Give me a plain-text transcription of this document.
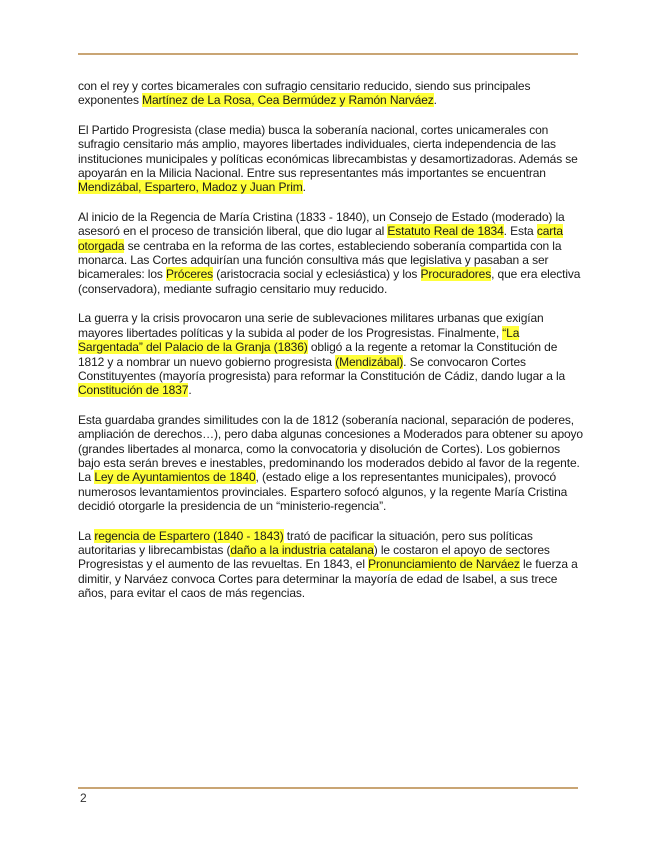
con el rey y cortes bicamerales con sufragio censitario reducido, siendo sus principales exponentes Martínez de La Rosa, Cea Bermúdez y Ramón Narváez.

El Partido Progresista (clase media) busca la soberanía nacional, cortes unicamerales con sufragio censitario más amplio, mayores libertades individuales, cierta independencia de las instituciones municipales y políticas económicas librecambistas y desamortizadoras. Además se apoyarán en la Milicia Nacional. Entre sus representantes más importantes se encuentran Mendizábal, Espartero, Madoz y Juan Prim.

Al inicio de la Regencia de María Cristina (1833 - 1840), un Consejo de Estado (moderado) la asesoró en el proceso de transición liberal, que dio lugar al Estatuto Real de 1834. Esta carta otorgada se centraba en la reforma de las cortes, estableciendo soberanía compartida con la monarca. Las Cortes adquirían una función consultiva más que legislativa y pasaban a ser bicamerales: los Próceres (aristocracia social y eclesiástica) y los Procuradores, que era electiva (conservadora), mediante sufragio censitario muy reducido.

La guerra y la crisis provocaron una serie de sublevaciones militares urbanas que exigían mayores libertades políticas y la subida al poder de los Progresistas. Finalmente, “La Sargentada” del Palacio de la Granja (1836) obligó a la regente a retomar la Constitución de 1812 y a nombrar un nuevo gobierno progresista (Mendizábal). Se convocaron Cortes Constituyentes (mayoría progresista) para reformar la Constitución de Cádiz, dando lugar a la Constitución de 1837.

Esta guardaba grandes similitudes con la de 1812 (soberanía nacional, separación de poderes, ampliación de derechos…), pero daba algunas concesiones a Moderados para obtener su apoyo (grandes libertades al monarca, como la convocatoria y disolución de Cortes). Los gobiernos bajo esta serán breves e inestables, predominando los moderados debido al favor de la regente. La Ley de Ayuntamientos de 1840, (estado elige a los representantes municipales), provocó numerosos levantamientos provinciales. Espartero sofocó algunos, y la regente María Cristina decidió otorgarle la presidencia de un “ministerio-regencia”.

La regencia de Espartero (1840 - 1843) trató de pacificar la situación, pero sus políticas autoritarias y librecambistas (daño a la industria catalana) le costaron el apoyo de sectores Progresistas y el aumento de las revueltas. En 1843, el Pronunciamiento de Narváez le fuerza a dimitir, y Narváez convoca Cortes para determinar la mayoría de edad de Isabel, a sus trece años, para evitar el caos de más regencias.

2
